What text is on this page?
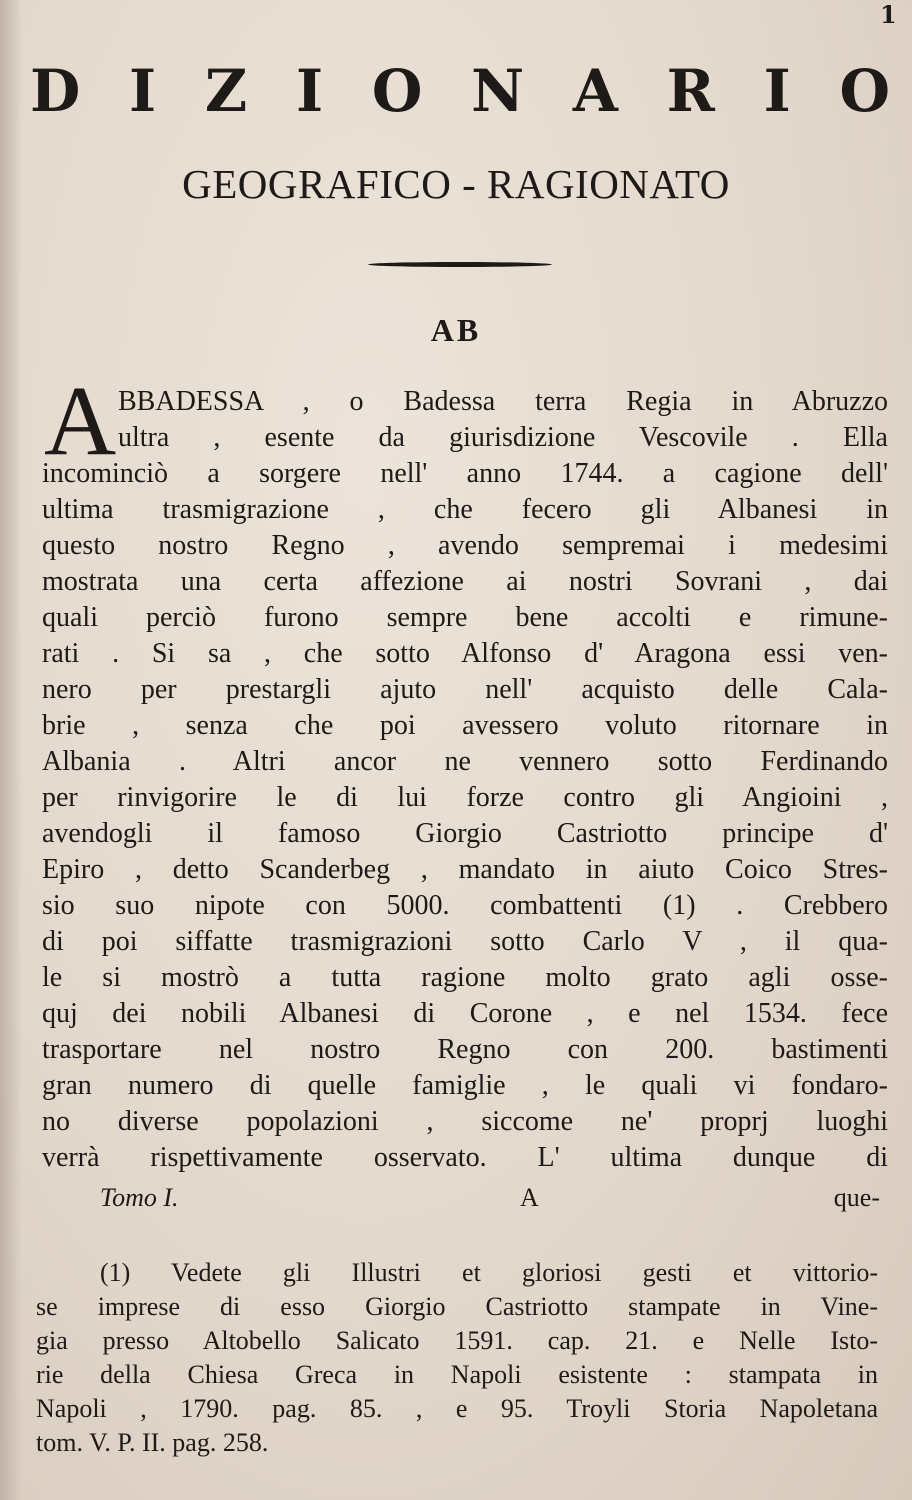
1
D I Z I O N A R I O
GEOGRAFICO - RAGIONATO
AB
A BBADESSA , o Badessa terra Regia in Abruzzo
ultra , esente da giurisdizione Vescovile . Ella
incominciò a sorgere nell' anno 1744. a cagione dell'
ultima trasmigrazione , che fecero gli Albanesi in
questo nostro Regno , avendo sempremai i medesimi
mostrata una certa affezione ai nostri Sovrani , dai
quali perciò furono sempre bene accolti e rimune-
rati . Si sa , che sotto Alfonso d' Aragona essi ven-
nero per prestargli ajuto nell' acquisto delle Cala-
brie , senza che poi avessero voluto ritornare in
Albania . Altri ancor ne vennero sotto Ferdinando
per rinvigorire le di lui forze contro gli Angioini ,
avendogli il famoso Giorgio Castriotto principe d'
Epiro , detto Scanderbeg , mandato in aiuto Coico Stres-
sio suo nipote con 5000. combattenti (1) . Crebbero
di poi siffatte trasmigrazioni sotto Carlo V , il qua-
le si mostrò a tutta ragione molto grato agli osse-
quj dei nobili Albanesi di Corone , e nel 1534. fece
trasportare nel nostro Regno con 200. bastimenti
gran numero di quelle famiglie , le quali vi fondaro-
no diverse popolazioni , siccome ne' proprj luoghi
verrà rispettivamente osservato. L' ultima dunque di
Tomo I.	A	que-
(1) Vedete gli Illustri et gloriosi gesti et vittorio-
se imprese di esso Giorgio Castriotto stampate in Vine-
gia presso Altobello Salicato 1591. cap. 21. e Nelle Isto-
rie della Chiesa Greca in Napoli esistente : stampata in
Napoli , 1790. pag. 85. , e 95. Troyli Storia Napoletana
tom. V. P. II. pag. 258.
